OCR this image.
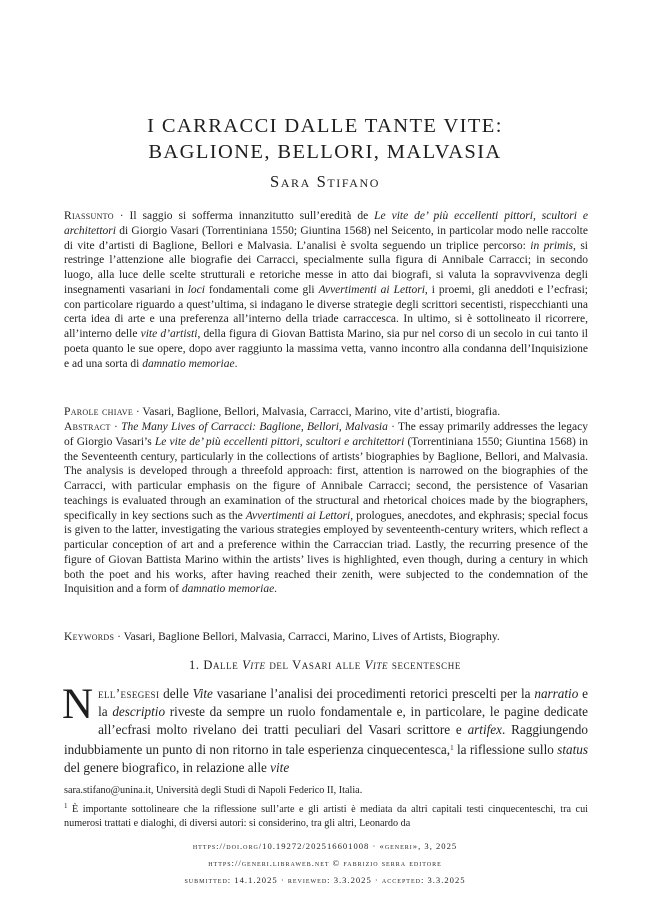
I CARRACCI DALLE TANTE VITE:
BAGLIONE, BELLORI, MALVASIA
Sara Stifano
Riassunto · Il saggio si sofferma innanzitutto sull’eredità de Le vite de’ più eccellenti pittori, scultori e architettori di Giorgio Vasari (Torrentiniana 1550; Giuntina 1568) nel Seicento, in particolar modo nelle raccolte di vite d’artisti di Baglione, Bellori e Malvasia. L’analisi è svolta seguendo un triplice percorso: in primis, si restringe l’attenzione alle biografie dei Carracci, specialmente sulla figura di Annibale Carracci; in secondo luogo, alla luce delle scelte strutturali e retoriche messe in atto dai biografi, si valuta la sopravvivenza degli insegnamenti vasariani in loci fondamentali come gli Avvertimenti ai Lettori, i proemi, gli aneddoti e l’ecfrasi; con particolare riguardo a quest’ultima, si indagano le diverse strategie degli scrittori secentisti, rispecchianti una certa idea di arte e una preferenza all’interno della triade carraccesca. In ultimo, si è sottolineato il ricorrere, all’interno delle vite d’artisti, della figura di Giovan Battista Marino, sia pur nel corso di un secolo in cui tanto il poeta quanto le sue opere, dopo aver raggiunto la massima vetta, vanno incontro alla condanna dell’Inquisizione e ad una sorta di damnatio memoriae.
Parole chiave · Vasari, Baglione, Bellori, Malvasia, Carracci, Marino, vite d’artisti, biografia.
Abstract · The Many Lives of Carracci: Baglione, Bellori, Malvasia · The essay primarily addresses the legacy of Giorgio Vasari’s Le vite de’ più eccellenti pittori, scultori e architettori (Torrentiniana 1550; Giuntina 1568) in the Seventeenth century, particularly in the collections of artists’ biographies by Baglione, Bellori, and Malvasia. The analysis is developed through a threefold approach: first, attention is narrowed on the biographies of the Carracci, with particular emphasis on the figure of Annibale Carracci; second, the persistence of Vasarian teachings is evaluated through an examination of the structural and rhetorical choices made by the biographers, specifically in key sections such as the Avvertimenti ai Lettori, prologues, anecdotes, and ekphrasis; special focus is given to the latter, investigating the various strategies employed by seventeenth-century writers, which reflect a particular conception of art and a preference within the Carraccian triad. Lastly, the recurring presence of the figure of Giovan Battista Marino within the artists’ lives is highlighted, even though, during a century in which both the poet and his works, after having reached their zenith, were subjected to the condemnation of the Inquisition and a form of damnatio memoriae.
Keywords · Vasari, Baglione Bellori, Malvasia, Carracci, Marino, Lives of Artists, Biography.
1. Dalle Vite del Vasari alle Vite secentesche
Nell’esegesi delle Vite vasariane l’analisi dei procedimenti retorici prescelti per la narratio e la descriptio riveste da sempre un ruolo fondamentale e, in particolare, le pagine dedicate all’ecfrasi molto rivelano dei tratti peculiari del Vasari scrittore e artifex. Raggiungendo indubbiamente un punto di non ritorno in tale esperienza cinquecentesca,$^1$ la riflessione sullo status del genere biografico, in relazione alle vite
sara.stifano@unina.it, Università degli Studi di Napoli Federico II, Italia.
$^1$ È importante sottolineare che la riflessione sull’arte e gli artisti è mediata da altri capitali testi cinquecenteschi, tra cui numerosi trattati e dialoghi, di diversi autori: si considerino, tra gli altri, Leonardo da
https://doi.org/10.19272/202516601008 · «generi», 3, 2025
https://generi.libraweb.net © fabrizio serra editore
submitted: 14.1.2025 · reviewed: 3.3.2025 · accepted: 3.3.2025
